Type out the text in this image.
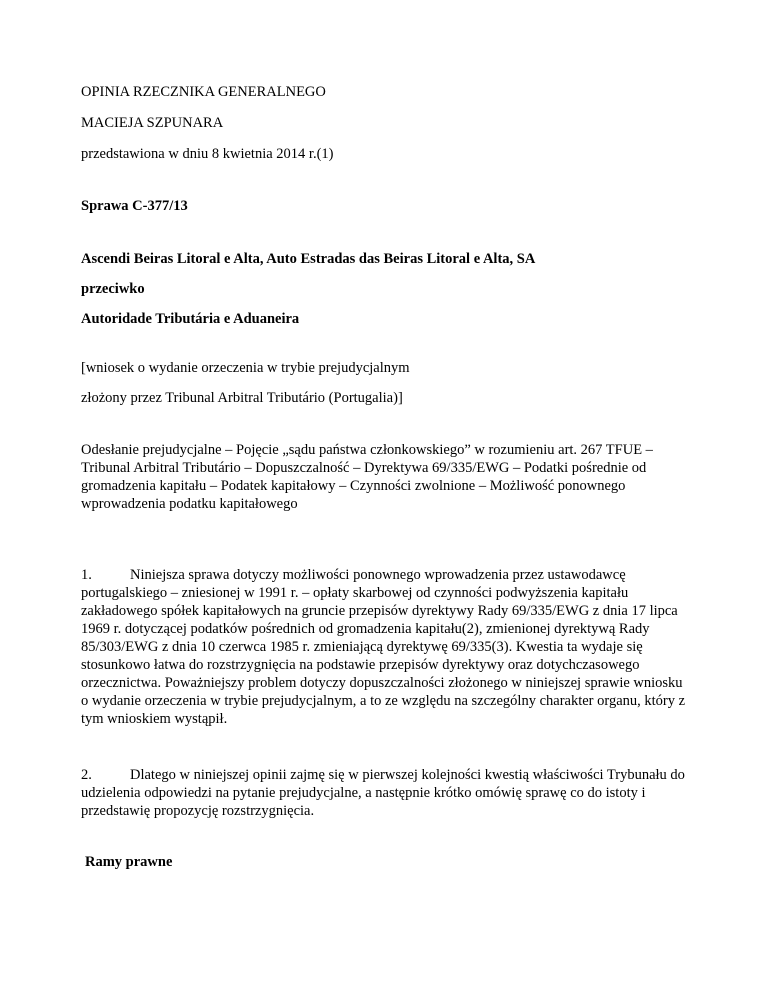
OPINIA RZECZNIKA GENERALNEGO
MACIEJA SZPUNARA
przedstawiona w dniu 8 kwietnia 2014 r.(1)
Sprawa C‑377/13
Ascendi Beiras Litoral e Alta, Auto Estradas das Beiras Litoral e Alta, SA
przeciwko
Autoridade Tributária e Aduaneira
[wniosek o wydanie orzeczenia w trybie prejudycjalnym
złożony przez Tribunal Arbitral Tributário (Portugalia)]

Odesłanie prejudycjalne – Pojęcie „sądu państwa członkowskiego” w rozumieniu art. 267 TFUE – Tribunal Arbitral Tributário – Dopuszczalność – Dyrektywa 69/335/EWG – Podatki pośrednie od gromadzenia kapitału – Podatek kapitałowy – Czynności zwolnione – Możliwość ponownego wprowadzenia podatku kapitałowego

1.	Niniejsza sprawa dotyczy możliwości ponownego wprowadzenia przez ustawodawcę portugalskiego – zniesionej w 1991 r. – opłaty skarbowej od czynności podwyższenia kapitału zakładowego spółek kapitałowych na gruncie przepisów dyrektywy Rady 69/335/EWG z dnia 17 lipca 1969 r. dotyczącej podatków pośrednich od gromadzenia kapitału(2), zmienionej dyrektywą Rady 85/303/EWG z dnia 10 czerwca 1985 r. zmieniającą dyrektywę 69/335(3). Kwestia ta wydaje się stosunkowo łatwa do rozstrzygnięcia na podstawie przepisów dyrektywy oraz dotychczasowego orzecznictwa. Poważniejszy problem dotyczy dopuszczalności złożonego w niniejszej sprawie wniosku o wydanie orzeczenia w trybie prejudycjalnym, a to ze względu na szczególny charakter organu, który z tym wnioskiem wystąpił.

2.	Dlatego w niniejszej opinii zajmę się w pierwszej kolejności kwestią właściwości Trybunału do udzielenia odpowiedzi na pytanie prejudycjalne, a następnie krótko omówię sprawę co do istoty i przedstawię propozycję rozstrzygnięcia.

Ramy prawne
